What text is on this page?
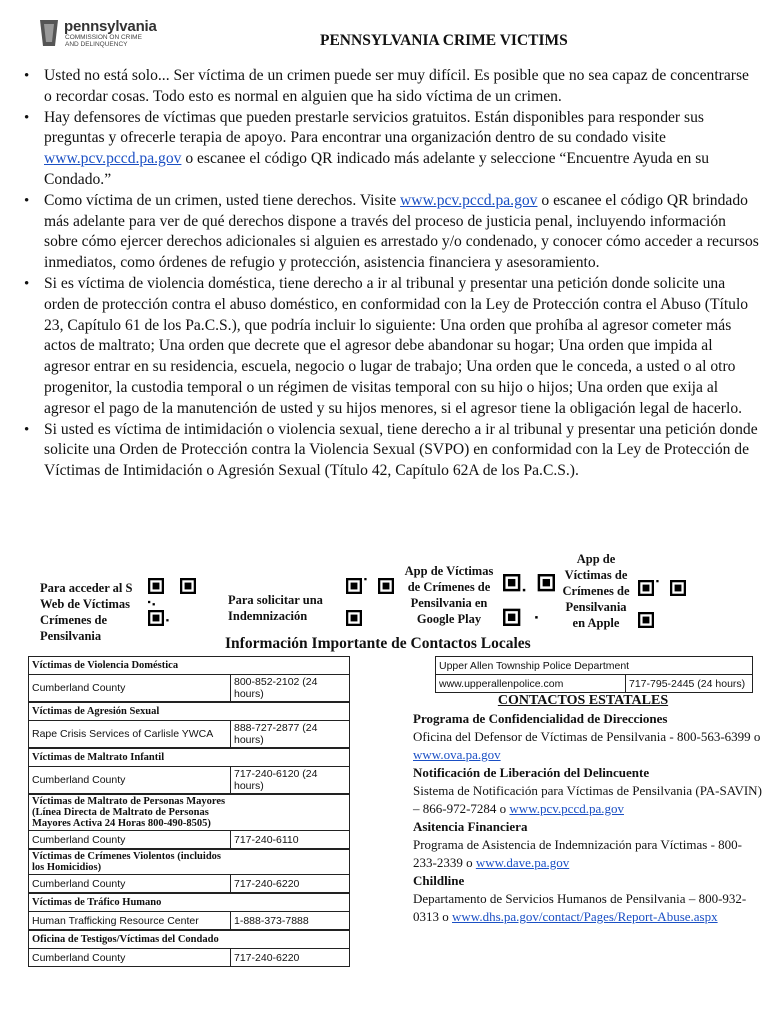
pennsylvania
COMMISSION ON CRIME AND DELINQUENCY	PENNSYLVANIA CRIME VICTIMS
• Usted no está solo... Ser víctima de un crimen puede ser muy difícil. Es posible que no sea capaz de concentrarse o recordar cosas. Todo esto es normal en alguien que ha sido víctima de un crimen.
• Hay defensores de víctimas que pueden prestarle servicios gratuitos. Están disponibles para responder sus preguntas y ofrecerle terapia de apoyo. Para encontrar una organización dentro de su condado visite www.pcv.pccd.pa.gov o escanee el código QR indicado más adelante y seleccione “Encuentre Ayuda en su Condado.”
• Como víctima de un crimen, usted tiene derechos. Visite www.pcv.pccd.pa.gov o escanee el código QR brindado más adelante para ver de qué derechos dispone a través del proceso de justicia penal, incluyendo información sobre cómo ejercer derechos adicionales si alguien es arrestado y/o condenado, y conocer cómo acceder a recursos inmediatos, como órdenes de refugio y protección, asistencia financiera y asesoramiento.
• Si es víctima de violencia doméstica, tiene derecho a ir al tribunal y presentar una petición donde solicite una orden de protección contra el abuso doméstico, en conformidad con la Ley de Protección contra el Abuso (Título 23, Capítulo 61 de los Pa.C.S.), que podría incluir lo siguiente: Una orden que prohíba al agresor cometer más actos de maltrato; Una orden que decrete que el agresor debe abandonar su hogar; Una orden que impida al agresor entrar en su residencia, escuela, negocio o lugar de trabajo; Una orden que le conceda, a usted o al otro progenitor, la custodia temporal o un régimen de visitas temporal con su hijo o hijos; Una orden que exija al agresor el pago de la manutención de usted y su hijos menores, si el agresor tiene la obligación legal de hacerlo.
• Si usted es víctima de intimidación o violencia sexual, tiene derecho a ir al tribunal y presentar una petición donde solicite una Orden de Protección contra la Violencia Sexual (SVPO) en conformidad con la Ley de Protección de Víctimas de Intimidación o Agresión Sexual (Título 42, Capítulo 62A de los Pa.C.S.).
Para acceder al S
Web de Víctimas
Crímenes de
Pensilvania
Para solicitar una
Indemnización
App de Víctimas
de Crímenes de
Pensilvania en
Google Play
App de
Víctimas de
Crímenes de
Pensilvania
en Apple
Información Importante de Contactos Locales
Víctimas de Violencia Doméstica
Cumberland County	800-852-2102 (24 hours)
Víctimas de Agresión Sexual
Rape Crisis Services of Carlisle YWCA	888-727-2877 (24 hours)
Víctimas de Maltrato Infantil
Cumberland County	717-240-6120 (24 hours)
Víctimas de Maltrato de Personas Mayores
(Línea Directa de Maltrato de Personas
Mayores Activa 24 Horas 800-490-8505)
Cumberland County	717-240-6110
Víctimas de Crímenes Violentos (incluidos
los Homicidios)
Cumberland County	717-240-6220
Víctimas de Tráfico Humano
Human Trafficking Resource Center	1-888-373-7888
Oficina de Testigos/Víctimas del Condado
Cumberland County	717-240-6220
Upper Allen Township Police Department
www.upperallenpolice.com	717-795-2445 (24 hours)
CONTACTOS ESTATALES
Programa de Confidencialidad de Direcciones
Oficina del Defensor de Víctimas de Pensilvania - 800-563-6399 o www.ova.pa.gov
Notificación de Liberación del Delincuente
Sistema de Notificación para Víctimas de Pensilvania (PA-SAVIN) – 866-972-7284 o www.pcv.pccd.pa.gov
Asitencia Financiera
Programa de Asistencia de Indemnización para Víctimas - 800-233-2339 o www.dave.pa.gov
Childline
Departamento de Servicios Humanos de Pensilvania – 800-932-0313 o www.dhs.pa.gov/contact/Pages/Report-Abuse.aspx
